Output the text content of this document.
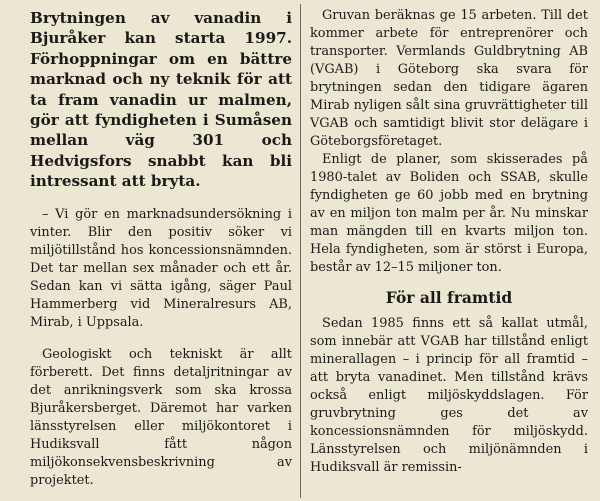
Brytningen av vanadin i Bjuråker kan starta 1997. Förhoppningar om en bättre marknad och ny teknik för att ta fram vanadin ur malmen, gör att fyndigheten i Sumåsen mellan väg 301 och Hedvigsfors snabbt kan bli intressant att bryta.

– Vi gör en marknadsundersökning i vinter. Blir den positiv söker vi miljötillstånd hos koncessionsnämnden. Det tar mellan sex månader och ett år. Sedan kan vi sätta igång, säger Paul Hammerberg vid Mineralresurs AB, Mirab, i Uppsala.

Geologiskt och tekniskt är allt förberett. Det finns detaljritningar av det anrikningsverk som ska krossa Bjuråkersberget. Däremot har varken länsstyrelsen eller miljökontoret i Hudiksvall fått någon miljökonsekvensbeskrivning av projektet.

Gruvan beräknas ge 15 arbeten. Till det kommer arbete för entreprenörer och transporter. Vermlands Guldbrytning AB (VGAB) i Göteborg ska svara för brytningen sedan den tidigare ägaren Mirab nyligen sålt sina gruvrättigheter till VGAB och samtidigt blivit stor delägare i Göteborgsföretaget.

Enligt de planer, som skisserades på 1980-talet av Boliden och SSAB, skulle fyndigheten ge 60 jobb med en brytning av en miljon ton malm per år. Nu minskar man mängden till en kvarts miljon ton. Hela fyndigheten, som är störst i Europa, består av 12–15 miljoner ton.

För all framtid

Sedan 1985 finns ett så kallat utmål, som innebär att VGAB har tillstånd enligt minerallagen – i princip för all framtid – att bryta vanadinet. Men tillstånd krävs också enligt miljöskyddslagen. För gruvbrytning ges det av koncessionsnämnden för miljöskydd. Länsstyrelsen och miljönämnden i Hudiksvall är remissin-
